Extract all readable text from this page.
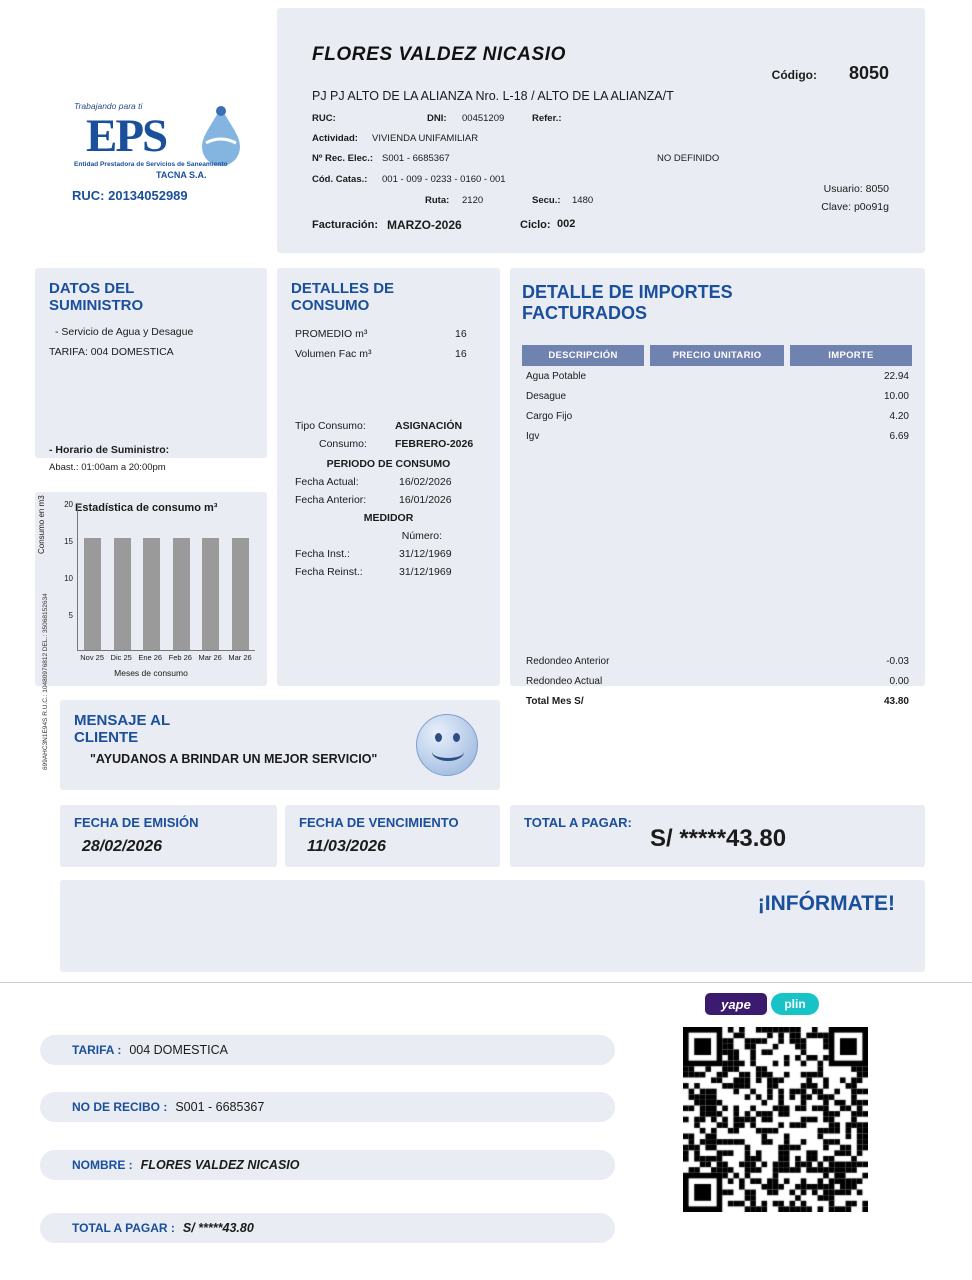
FLORES VALDEZ NICASIO
PJ PJ ALTO DE LA ALIANZA Nro. L-18 / ALTO DE LA ALIANZA/T
RUC:	DNI: 00451209	Refer.:
Actividad: VIVIENDA UNIFAMILIAR
Nº Rec. Elec.: S001 - 6685367	NO DEFINIDO
Cód. Catas.: 001 - 009 - 0233 - 0160 - 001
Ruta: 2120	Secu.: 1480
Facturación: MARZO-2026	Ciclo: 002
Código: 8050
Usuario: 8050
Clave: p0o91g
Trabajando para ti
EPS
Entidad Prestadora de Servicios de Saneamiento
TACNA S.A.
RUC: 20134052989
DATOS DEL SUMINISTRO
- Servicio de Agua y Desague
TARIFA: 004 DOMESTICA
- Horario de Suministro:
Abast.: 01:00am a 20:00pm
Estadística de consumo m³
Consumo en m3 20
15
10
5
Nov 25 Dic 25 Ene 26 Feb 26 Mar 26 Mar 26
Meses de consumo
DETALLES DE CONSUMO
PROMEDIO m³	16
Volumen Fac m³	16
Tipo Consumo:	ASIGNACIÓN
Consumo:	FEBRERO-2026
PERIODO DE CONSUMO
Fecha Actual:	16/02/2026
Fecha Anterior:	16/01/2026
MEDIDOR
Número:
Fecha Inst.:	31/12/1969
Fecha Reinst.:	31/12/1969
DETALLE DE IMPORTES FACTURADOS
DESCRIPCIÓN	PRECIO UNITARIO	IMPORTE
Agua Potable	22.94
Desague	10.00
Cargo Fijo	4.20
Igv	6.69
Redondeo Anterior	-0.03
Redondeo Actual	0.00
Total Mes S/	43.80
MENSAJE AL CLIENTE
"AYUDANOS A BRINDAR UN MEJOR SERVICIO"
699AHC3N1E94S R.U.C.: 10480976812 DEL.: 35068152634
FECHA DE EMISIÓN
28/02/2026
FECHA DE VENCIMIENTO
11/03/2026
TOTAL A PAGAR:
S/ *****43.80
¡INFÓRMATE!
TARIFA : 004 DOMESTICA
NO DE RECIBO : S001 - 6685367
NOMBRE : FLORES VALDEZ NICASIO
TOTAL A PAGAR : S/ *****43.80
yape	plin
